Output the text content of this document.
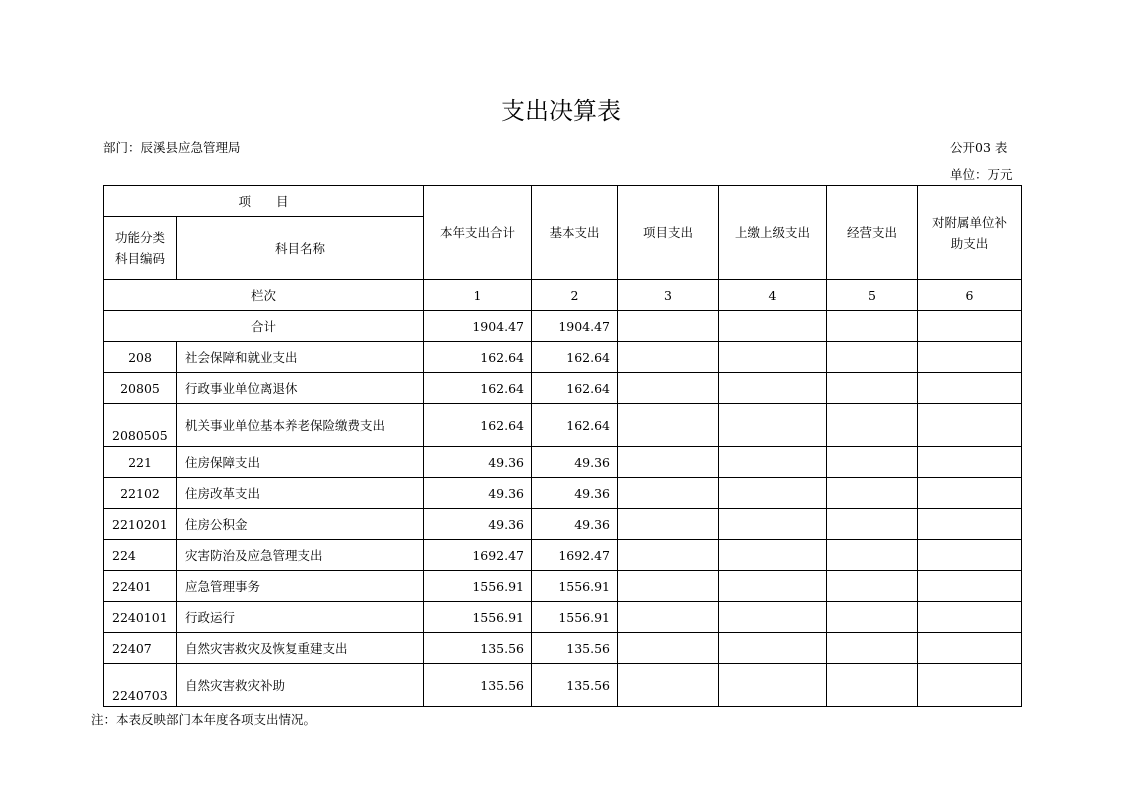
支出决算表
部门：辰溪县应急管理局	公开03 表
单位：万元
项　　目		本年支出合计	基本支出	项目支出	上缴上级支出	经营支出	对附属单位补助支出
功能分类科目编码	科目名称						
栏次		1	2	3	4	5	6
合计		1904.47	1904.47				
208	社会保障和就业支出	162.64	162.64				
20805	行政事业单位离退休	162.64	162.64				
2080505	机关事业单位基本养老保险缴费支出	162.64	162.64				
221	住房保障支出	49.36	49.36				
22102	住房改革支出	49.36	49.36				
2210201	住房公积金	49.36	49.36				
224	灾害防治及应急管理支出	1692.47	1692.47				
22401	应急管理事务	1556.91	1556.91				
2240101	行政运行	1556.91	1556.91				
22407	自然灾害救灾及恢复重建支出	135.56	135.56				
2240703	自然灾害救灾补助	135.56	135.56				
注：本表反映部门本年度各项支出情况。
